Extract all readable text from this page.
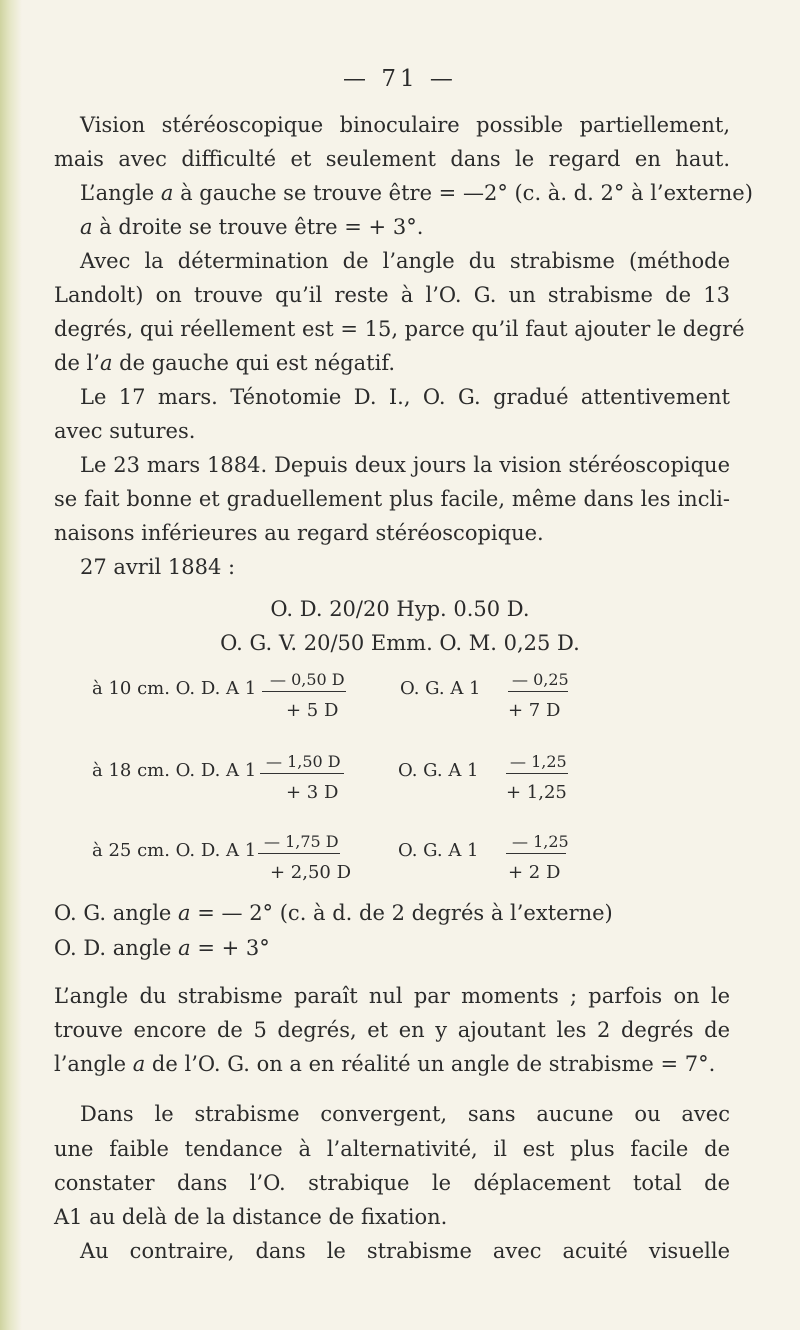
— 71 —
Vision stéréoscopique binoculaire possible partiellement,
mais avec difficulté et seulement dans le regard en haut.
L’angle a à gauche se trouve être = —2° (c. à. d. 2° à l’externe)
a à droite se trouve être = + 3°.
Avec la détermination de l’angle du strabisme (méthode
Landolt) on trouve qu’il reste à l’O. G. un strabisme de 13
degrés, qui réellement est = 15, parce qu’il faut ajouter le degré
de l’a de gauche qui est négatif.
Le 17 mars. Ténotomie D. I., O. G. gradué attentivement
avec sutures.
Le 23 mars 1884. Depuis deux jours la vision stéréoscopique
se fait bonne et graduellement plus facile, même dans les incli-
naisons inférieures au regard stéréoscopique.
27 avril 1884 :
O. D. 20/20 Hyp. 0.50 D.
O. G. V. 20/50 Emm. O. M. 0,25 D.
à 10 cm. O. D. A 1 — 0,50 D
+ 5 D
O. G. A 1 — 0,25
+ 7 D
à 18 cm. O. D. A 1 — 1,50 D
+ 3 D
O. G. A 1 — 1,25
+ 1,25
à 25 cm. O. D. A 1 — 1,75 D
+ 2,50 D
O. G. A 1 — 1,25
+ 2 D
O. G. angle a = — 2° (c. à d. de 2 degrés à l’externe)
O. D. angle a = + 3°
L’angle du strabisme paraît nul par moments ; parfois on le
trouve encore de 5 degrés, et en y ajoutant les 2 degrés de
l’angle a de l’O. G. on a en réalité un angle de strabisme = 7°.
Dans le strabisme convergent, sans aucune ou avec
une faible tendance à l’alternativité, il est plus facile de
constater dans l’O. strabique le déplacement total de
A1 au delà de la distance de fixation.
Au contraire, dans le strabisme avec acuité visuelle
